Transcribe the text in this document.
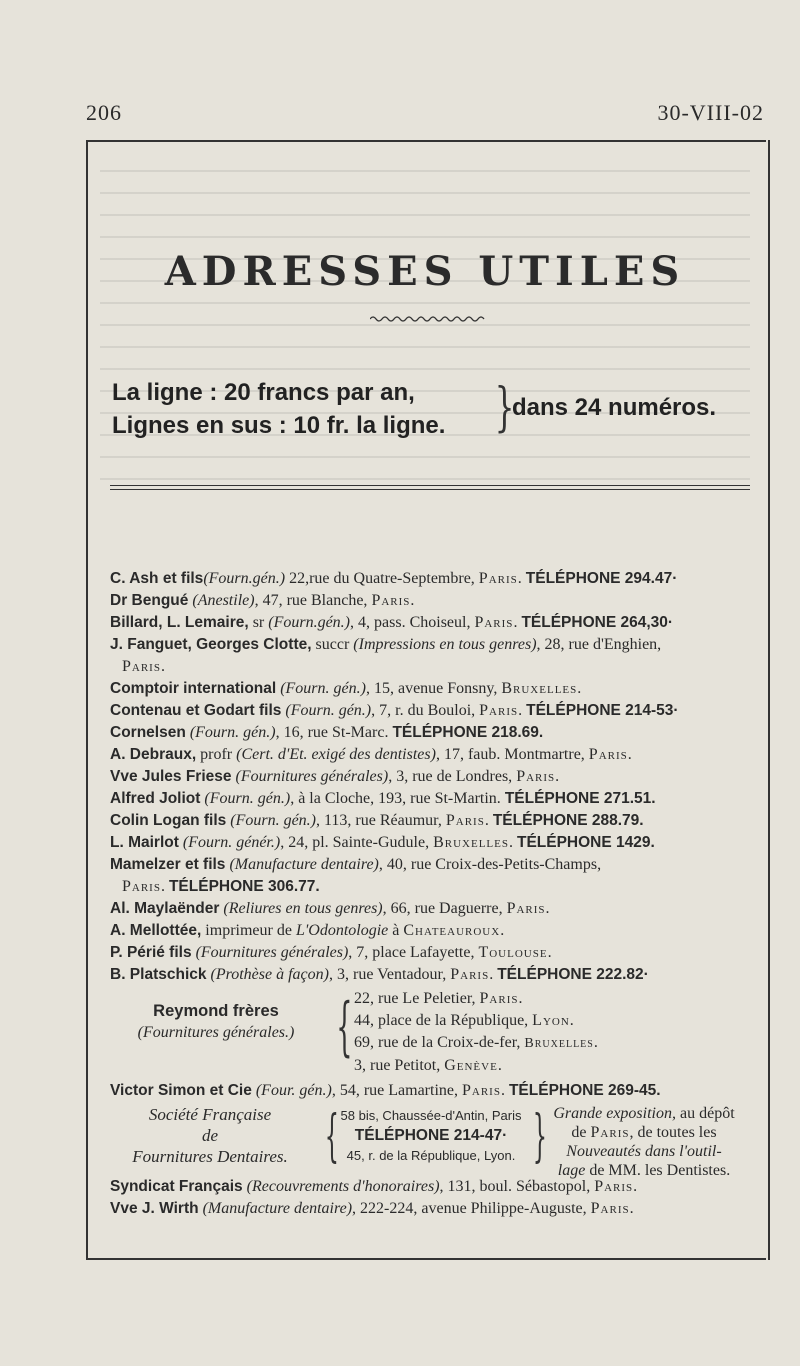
206	30-VIII-02
ADRESSES UTILES
La ligne : 20 francs par an,
Lignes en sus : 10 fr. la ligne. }
dans 24 numéros.
C. Ash et fils(Fourn.gén.) 22,rue du Quatre-Septembre, Paris. TÉLÉPHONE 294.47·
Dr Bengué (Anestile), 47, rue Blanche, Paris.
Billard, L. Lemaire, sr (Fourn.gén.), 4, pass. Choiseul, Paris. TÉLÉPHONE 264,30·
J. Fanguet, Georges Clotte, succr (Impressions en tous genres), 28, rue d'Enghien,
Paris.
Comptoir international (Fourn. gén.), 15, avenue Fonsny, Bruxelles.
Contenau et Godart fils (Fourn. gén.), 7, r. du Bouloi, Paris. TÉLÉPHONE 214-53·
Cornelsen (Fourn. gén.), 16, rue St-Marc. TÉLÉPHONE 218.69.
A. Debraux, profr (Cert. d'Et. exigé des dentistes), 17, faub. Montmartre, Paris.
Vve Jules Friese (Fournitures générales), 3, rue de Londres, Paris.
Alfred Joliot (Fourn. gén.), à la Cloche, 193, rue St-Martin. TÉLÉPHONE 271.51.
Colin Logan fils (Fourn. gén.), 113, rue Réaumur, Paris. TÉLÉPHONE 288.79.
L. Mairlot (Fourn. génér.), 24, pl. Sainte-Gudule, Bruxelles. TÉLÉPHONE 1429.
Mamelzer et fils (Manufacture dentaire), 40, rue Croix-des-Petits-Champs,
Paris. TÉLÉPHONE 306.77.
Al. Maylaënder (Reliures en tous genres), 66, rue Daguerre, Paris.
A. Mellottée, imprimeur de L'Odontologie à Chateauroux.
P. Périé fils (Fournitures générales), 7, place Lafayette, Toulouse.
B. Platschick (Prothèse à façon), 3, rue Ventadour, Paris. TÉLÉPHONE 222.82·
Reymond frères
(Fournitures générales.) { 22, rue Le Peletier, Paris.
44, place de la République, Lyon.
69, rue de la Croix-de-fer, Bruxelles.
3, rue Petitot, Genève.
Victor Simon et Cie (Four. gén.), 54, rue Lamartine, Paris. TÉLÉPHONE 269-45.
Société Française
de
Fournitures Dentaires. { 58 bis, Chaussée-d'Antin, Paris
TÉLÉPHONE 214-47·
45, r. de la République, Lyon. } Grande exposition, au dépôt
de Paris, de toutes les
Nouveautés dans l'outil-
lage de MM. les Dentistes.
Syndicat Français (Recouvrements d'honoraires), 131, boul. Sébastopol, Paris.
Vve J. Wirth (Manufacture dentaire), 222-224, avenue Philippe-Auguste, Paris.
